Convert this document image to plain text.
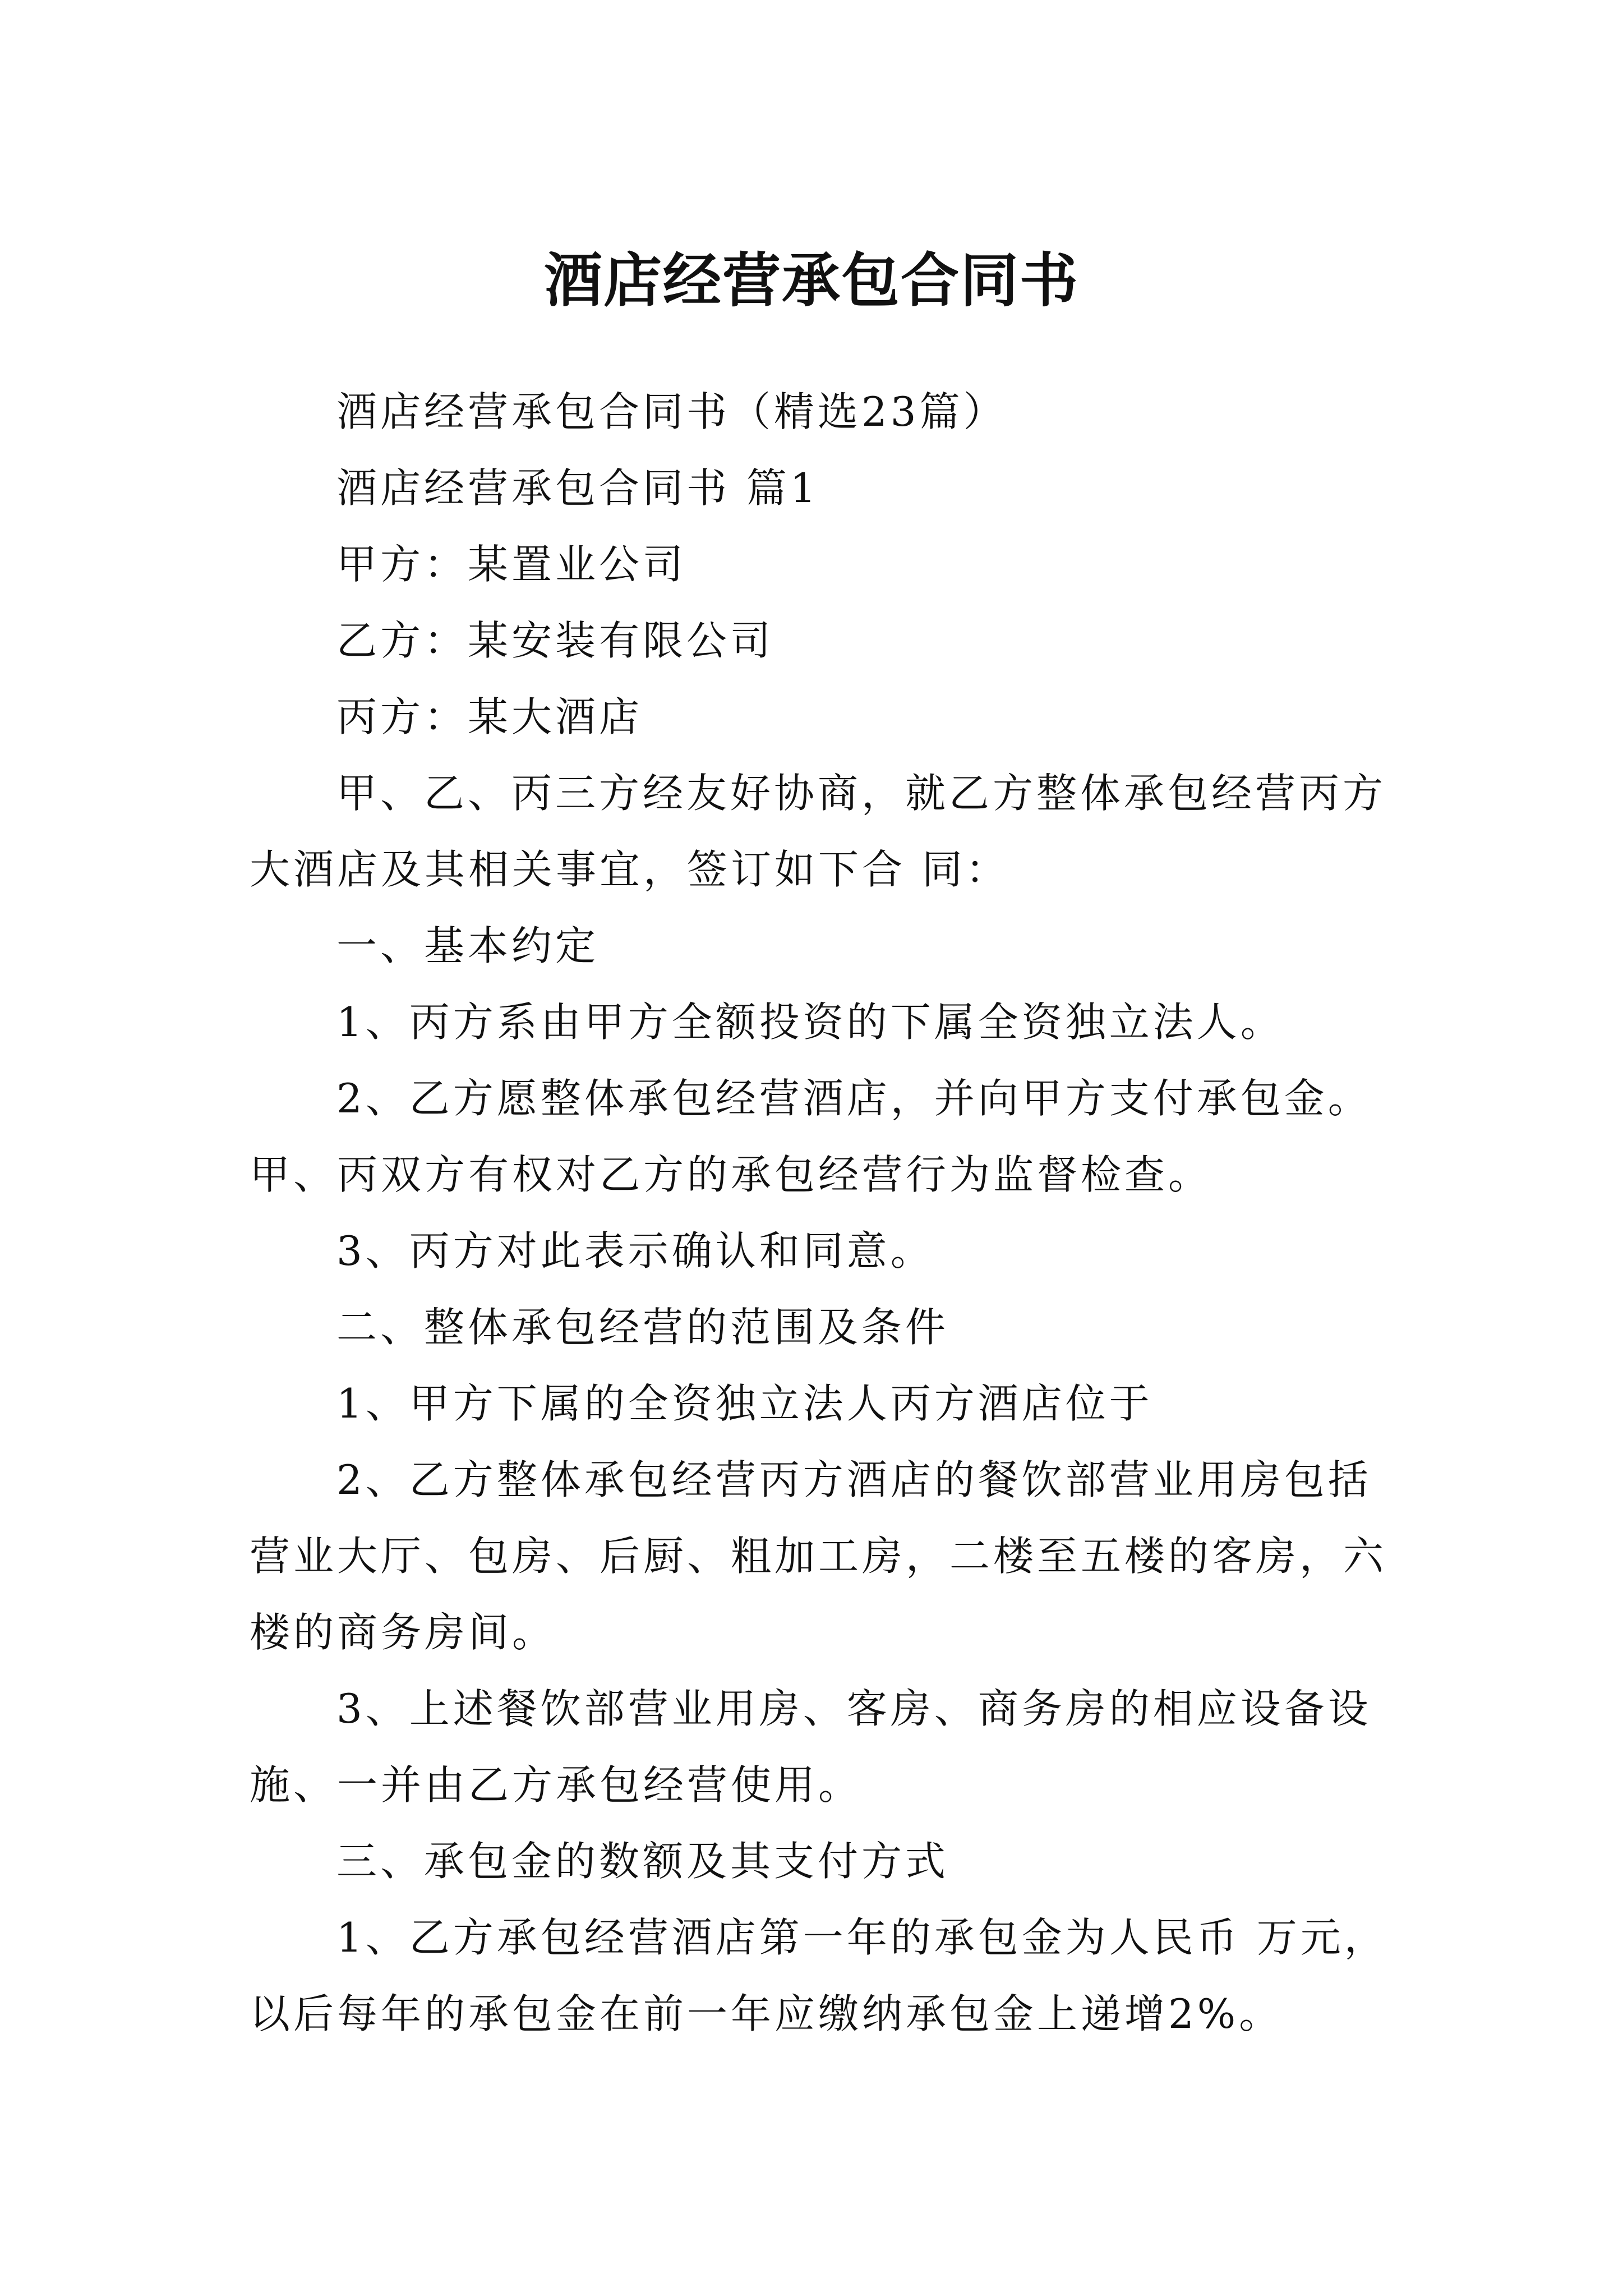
酒店经营承包合同书

酒店经营承包合同书（精选23篇）

酒店经营承包合同书 篇1

甲方：某置业公司

乙方：某安装有限公司

丙方：某大酒店

甲、乙、丙三方经友好协商，就乙方整体承包经营丙方大酒店及其相关事宜，签订如下合 同：

一、基本约定

1、丙方系由甲方全额投资的下属全资独立法人。

2、乙方愿整体承包经营酒店，并向甲方支付承包金。甲、丙双方有权对乙方的承包经营行为监督检查。

3、丙方对此表示确认和同意。

二、整体承包经营的范围及条件

1、甲方下属的全资独立法人丙方酒店位于

2、乙方整体承包经营丙方酒店的餐饮部营业用房包括营业大厅、包房、后厨、粗加工房，二楼至五楼的客房，六楼的商务房间。

3、上述餐饮部营业用房、客房、商务房的相应设备设施、一并由乙方承包经营使用。

三、承包金的数额及其支付方式

1、乙方承包经营酒店第一年的承包金为人民币 万元，以后每年的承包金在前一年应缴纳承包金上递增2%。
